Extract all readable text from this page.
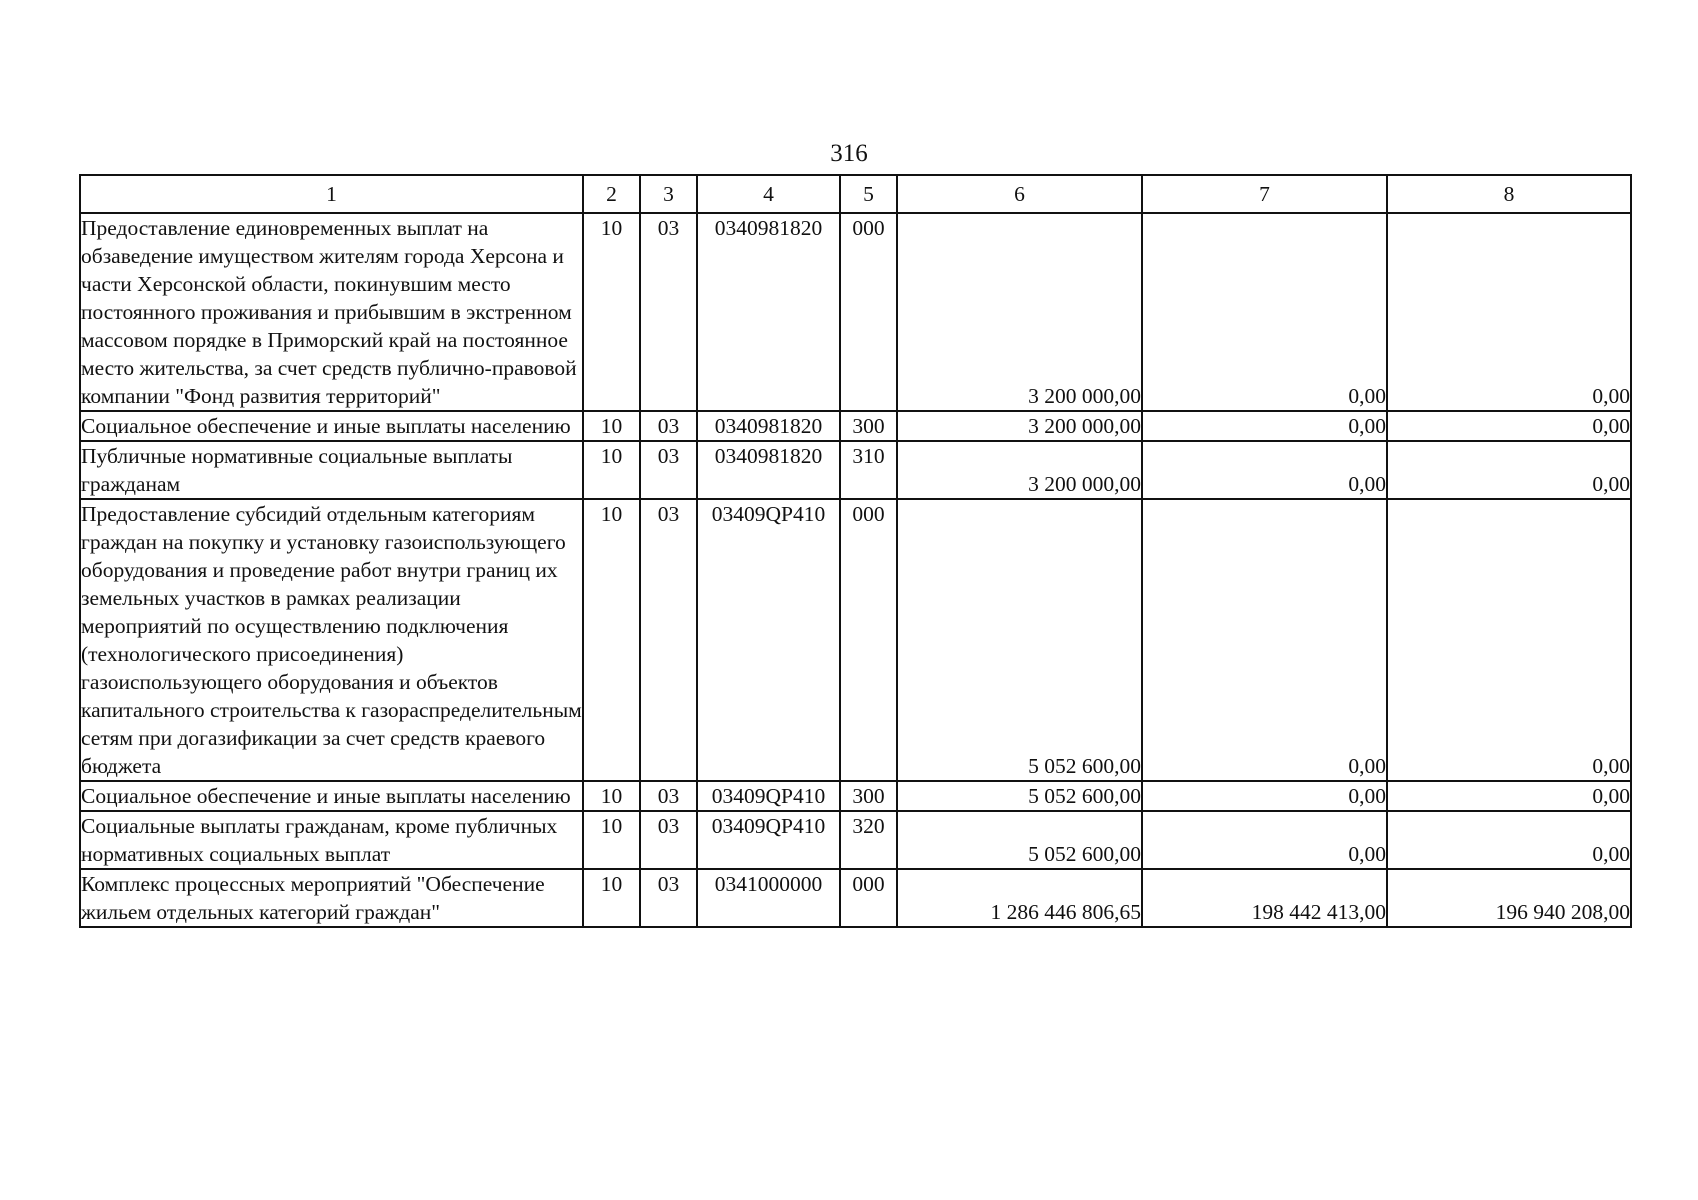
316
1	2	3	4	5	6	7	8
Предоставление единовременных выплат на обзаведение имуществом жителям города Херсона и части Херсонской области, покинувшим место постоянного проживания и прибывшим в экстренном массовом порядке в Приморский край на постоянное место жительства, за счет средств публично-правовой компании "Фонд развития территорий"	10	03	0340981820	000	3 200 000,00	0,00	0,00
Социальное обеспечение и иные выплаты населению	10	03	0340981820	300	3 200 000,00	0,00	0,00
Публичные нормативные социальные выплаты гражданам	10	03	0340981820	310	3 200 000,00	0,00	0,00
Предоставление субсидий отдельным категориям граждан на покупку и установку газоиспользующего оборудования и проведение работ внутри границ их земельных участков в рамках реализации мероприятий по осуществлению подключения (технологического присоединения) газоиспользующего оборудования и объектов капитального строительства к газораспределительным сетям при догазификации за счет средств краевого бюджета	10	03	03409QP410	000	5 052 600,00	0,00	0,00
Социальное обеспечение и иные выплаты населению	10	03	03409QP410	300	5 052 600,00	0,00	0,00
Социальные выплаты гражданам, кроме публичных нормативных социальных выплат	10	03	03409QP410	320	5 052 600,00	0,00	0,00
Комплекс процессных мероприятий "Обеспечение жильем отдельных категорий граждан"	10	03	0341000000	000	1 286 446 806,65	198 442 413,00	196 940 208,00
